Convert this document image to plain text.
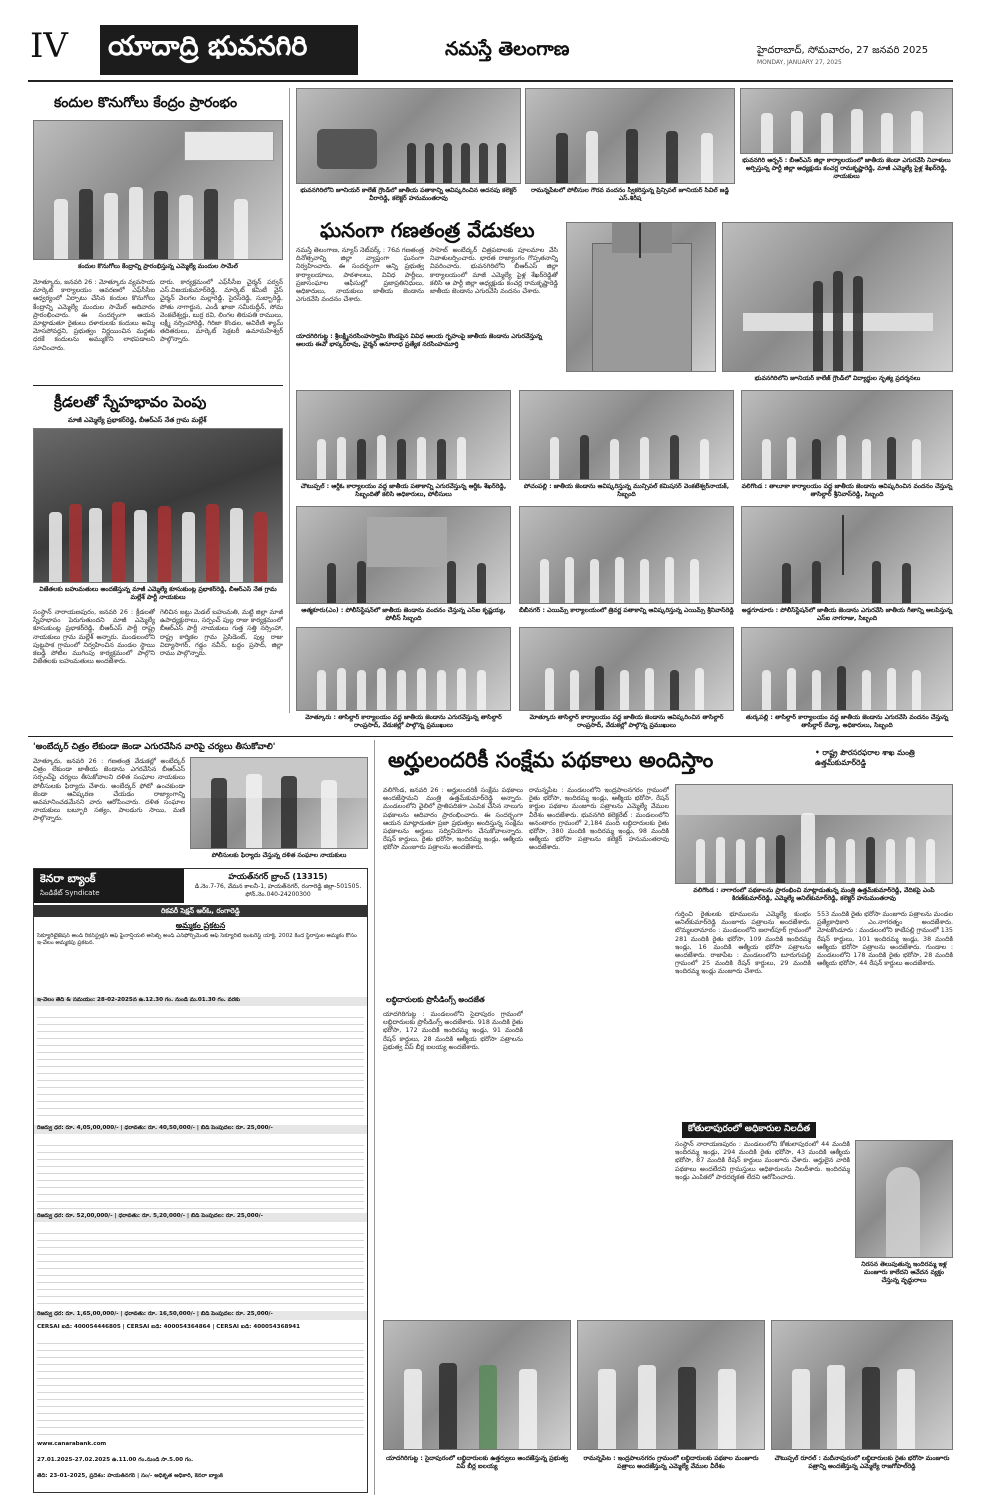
IV యాదాద్రి భువనగిరి	నమస్తే తెలంగాణ	హైదరాబాద్, సోమవారం, 27 జనవరి 2025
MONDAY, JANUARY 27, 2025
కందుల కొనుగోలు కేంద్రం ప్రారంభం
కందుల కొనుగోలు కేంద్రాన్ని ప్రారంభిస్తున్న ఎమ్మెల్యే మందుల సామేల్
మోత్కూరు, జనవరి 26 : మోత్కూరు వ్యవసాయ మార్కెట్ కార్యాలయం ఆవరణలో ఎఫ్‌సీసీఐ ఆధ్వర్యంలో ఏర్పాటు చేసిన కందుల కొనుగోలు కేంద్రాన్ని ఎమ్మెల్యే మందుల సామేల్ ఆదివారం ప్రారంభించారు. ఈ సందర్భంగా ఆయన మాట్లాడుతూ రైతులు దళారులకు కందులు అమ్మి మోసపోవద్దని, ప్రభుత్వం నిర్ణయించిన మద్దతు ధరకే కందులను అమ్ముకొని లాభపడాలని సూచించారు.
దారు. కార్యక్రమంలో ఎఫ్‌సీసీఐ చైర్మన్ పర్వన్ ఎస్.విజయకుమార్‌రెడ్డి, మార్కెట్ కమిటీ వైస్ చైర్మన్ వెలగల మల్లారెడ్డి, సైరస్‌రెడ్డి, సుబ్బారెడ్డి, పోతు నాగార్జున, ఎండీ ఖాజా సమీరుద్దీన్, సోమ వెంకటేశ్వర్లు, బుర్ర రవి, లింగల తిరుపతి రాములు, లక్ష్మీ నర్సింహారెడ్డి, గిరిజా కొండల, అవిరేణి శ్యామ్ తదితరులు, మార్కెట్ సెక్రటరీ ఉమామహేశ్వర్ పాల్గొన్నారు.
క్రీడలతో స్నేహభావం పెంపు
మాజీ ఎమ్మెల్యే ప్రభాకర్‌రెడ్డి, బీఆర్‌ఎస్ నేత గ్రామ మల్లేశ్
విజేతలకు బహుమతులు అందజేస్తున్న మాజీ ఎమ్మెల్యే కూసుకుంట్ల ప్రభాకర్‌రెడ్డి, బీఆర్‌ఎస్ నేత గ్రామ మల్లేశ్ పార్టీ నాయకులు
సంస్థాన్ నారాయణపురం, జనవరి 26 : క్రీడలతో స్నేహభావం పెరుగుతుందని మాజీ ఎమ్మెల్యే కూసుకుంట్ల ప్రభాకర్‌రెడ్డి, బీఆర్‌ఎస్ పార్టీ రాష్ట్ర నాయకులు గ్రామ మల్లేశ్ అన్నారు. మండలంలోని పుట్టపాక గ్రామంలో నిర్వహించిన మండల స్థాయి కబడ్డీ పోటీల ముగింపు కార్యక్రమంలో పాల్గొని విజేతలకు బహుమతులు అందజేశారు.
గెలిచిన జట్టు మెడల్ బహుమతి, మట్టి జిల్లా మాజీ ఉపాధ్యక్షురాలు, సర్పంచ్ పుల్ల రాజు కార్యక్రమంలో బీఆర్‌ఎస్ పార్టీ నాయకులు గుత్త సత్తి నర్సింహా, రాష్ట్ర కార్మికల గ్రామ ప్రెసిడెంట్, పుల్ల రాజు విద్యాసాగర్, గడ్డం నవీన్, బద్దం ప్రసాద్, జిల్లా రాము పాల్గొన్నారు.
భువనగిరిలోని జూనియర్ కాలేజ్ గ్రౌండ్‌లో జాతీయ పతాకాన్ని ఆవిష్కరించిన అదనపు కలెక్టర్ వీరారెడ్డి, కలెక్టర్ హనుమంతరావు
రామన్నపేటలో పోలీసుల గౌరవ వందనం స్వీకరిస్తున్న ప్రిన్సిపల్ జూనియర్ సివిల్ జడ్జి ఎస్.శిరీష
భువనగిరి అర్బన్ : బీఆర్‌ఎస్ జిల్లా కార్యాలయంలో జాతీయ జెండా ఎగురవేసి నివాళులు అర్పిస్తున్న పార్టీ జిల్లా అధ్యక్షుడు కంచర్ల రామకృష్ణారెడ్డి, మాజీ ఎమ్మెల్యే పైళ్ల శేఖర్‌రెడ్డి, నాయకులు
ఘనంగా గణతంత్ర వేడుకలు
నమస్తే తెలంగాణ, న్యూస్ నెట్‌వర్క్ : 76వ గణతంత్ర దినోత్సవాన్ని జిల్లా వ్యాప్తంగా ఘనంగా నిర్వహించారు. ఈ సందర్భంగా అన్ని ప్రభుత్వ కార్యాలయాలు, పాఠశాలలు, వివిధ పార్టీలు, ప్రజాసంఘాల ఆఫీసుల్లో ప్రజాప్రతినిధులు, అధికారులు, నాయకులు జాతీయ జెండాను ఎగురవేసి వందనం చేశారు.
సాహెబ్ అంబేద్కర్ చిత్రపటాలకు పూలమాల వేసి నివాళులర్పించారు. భారత రాజ్యాంగం గొప్పతనాన్ని వివరించారు. భువనగిరిలోని బీఆర్‌ఎస్ జిల్లా కార్యాలయంలో మాజీ ఎమ్మెల్యే పైళ్ల శేఖర్‌రెడ్డితో కలిసి ఆ పార్టీ జిల్లా అధ్యక్షుడు కంచర్ల రామకృష్ణారెడ్డి జాతీయ జెండాను ఎగురవేసి వందనం చేశారు.
యాదగిరిగుట్ట : శ్రీలక్ష్మీనరసింహస్వామి కొండపైన వివిధ ఆలయ గృహంపై జాతీయ జెండాను ఎగురవేస్తున్న ఆలయ ఈవో భాస్కర్‌రావు, చైర్మన్ అనూరాధ ప్రత్యేక నరసింహమూర్తి
భువనగిరిలోని జూనియర్ కాలేజ్ గ్రౌండ్‌లో విద్యార్థుల నృత్య ప్రదర్శనలు
చౌటుప్పల్ : ఆర్డీఓ కార్యాలయం వద్ద జాతీయ పతాకాన్ని ఎగురవేస్తున్న ఆర్డీఓ శేఖర్‌రెడ్డి, సిబ్బందితో కలిసి అధికారులు, పోలీసులు
పోచంపల్లి : జాతీయ జెండాను ఆవిష్కరిస్తున్న మున్సిపల్ కమిషనర్ వెంకటేశ్వర్‌నాయక్, సిబ్బంది
వలిగొండ : తాలూకా కార్యాలయం వద్ద జాతీయ జెండాను ఆవిష్కరించిన వందనం చేస్తున్న తాసిల్దార్ శ్రీనివాస్‌రెడ్డి, సిబ్బంది
ఆత్మకూరు(ఎం) : పోలీస్‌స్టేషన్‌లో జాతీయ జెండాను వందనం చేస్తున్న ఎస్‌ఐ కృష్ణయ్య, పోలీస్ సిబ్బంది
బీబీనగర్ : ఎయిమ్స్ కార్యాలయంలో త్రివర్ణ పతాకాన్ని ఆవిష్కరిస్తున్న ఎయిమ్స్ శ్రీనివాస్‌రెడ్డి అడ్డగూడూరు : పోలీస్‌స్టేషన్‌లో జాతీయ జెండాను ఎగురవేసి జాతీయ గీతాన్ని ఆలపిస్తున్న ఎస్ఐ నాగరాజు, సిబ్బంది
మోత్కూరు : తాసిల్దార్ కార్యాలయం వద్ద జాతీయ జెండాను ఎగురవేస్తున్న తాసిల్దార్ రాంప్రసాద్, వేడుకల్లో పాల్గొన్న ప్రముఖులు
మోత్కూరు తాసిల్దార్ కార్యాలయం వద్ద జాతీయ జెండాను ఆవిష్కరించిన తాసిల్దార్ రాంప్రసాద్, వేడుకల్లో పాల్గొన్న ప్రముఖులు
తుర్కపల్లి : తాసిల్దార్ కార్యాలయం వద్ద జాతీయ జెండాను ఎగురవేసి వందనం చేస్తున్న తాసిల్దార్ దేవ్యా, అధికారులు, సిబ్బంది
'అంబేద్కర్ చిత్రం లేకుండా జెండా ఎగురవేసిన వారిపై చర్యలు తీసుకోవాలి'
మోత్కూరు, జనవరి 26 : గణతంత్ర వేడుకల్లో అంబేద్కర్ చిత్రం లేకుండా జాతీయ జెండాను ఎగరవేసిన బీఆర్‌ఎస్ సర్పంచ్‌పై చర్యలు తీసుకోవాలని దళిత సంఘాల నాయకులు పోలీసులకు ఫిర్యాదు చేశారు. అంబేద్కర్ ఫోటో ఉంచకుండా జెండా ఆవిష్కరణ చేయడం రాజ్యాంగాన్ని అవమానించడమేనని వారు ఆరోపించారు. దళిత సంఘాల నాయకులు బబ్బూరి సత్యం, పాలడుగు సాయి, మణి పాల్గొన్నారు.
పోలీసులకు ఫిర్యాదు చేస్తున్న దళిత సంఘాల నాయకులు
కెనరా బ్యాంక్
సిండికేట్ Syndicate
హయత్‌నగర్ బ్రాంచ్ (13315)
డి.నెం.7-76, వేమన కాలనీ-1, హయత్‌నగర్, రంగారెడ్డి జిల్లా-501505. ఫోన్.నెం.040-24200300
రికవరీ సెక్షన్ ఆర్‌ఓ, రంగారెడ్డి
అమ్మకం ప్రకటన
సెక్యూరిటైజేషన్ అండ్ రీకన్‌స్ట్రక్షన్ ఆఫ్ ఫైనాన్షియల్ అసెట్స్ అండ్ ఎన్‌ఫోర్స్‌మెంట్ ఆఫ్ సెక్యూరిటీ ఇంటరెస్ట్ యాక్ట్, 2002 కింద స్థిరాస్తుల అమ్మకం కోసం ఇ-వేలం అమ్మకపు ప్రకటన.
ఇ-వేలం తేదీ & సమయం: 28-02-2025న ఉ.12.30 గం. నుండి మ.01.30 గం. వరకు
రిజర్వు ధర: రూ. 4,05,00,000/- | ధరావతు: రూ. 40,50,000/- | బిడ్ పెంపుదల: రూ. 25,000/-
రిజర్వు ధర: రూ. 52,00,000/- | ధరావతు: రూ. 5,20,000/- | బిడ్ పెంపుదల: రూ. 25,000/-
రిజర్వు ధర: రూ. 1,65,00,000/- | ధరావతు: రూ. 16,50,000/- | బిడ్ పెంపుదల: రూ. 25,000/-
CERSAI ఐడి: 400054446805 | CERSAI ఐడి: 400054364864 | CERSAI ఐడి: 400054368941
www.canarabank.com
27.01.2025-27.02.2025 ఉ.11.00 గం.నుండి సా.5.00 గం.
తేదీ: 23-01-2025, ప్రదేశం: హయత్‌నగర్ | సం/- అధీకృత అధికారి, కెనరా బ్యాంక్
అర్హులందరికీ సంక్షేమ పథకాలు అందిస్తాం	• రాష్ట్ర పౌరసరఫరాల శాఖ మంత్రి ఉత్తమ్‌కుమార్‌రెడ్డి
వలిగొండ, జనవరి 26 : అర్హులందరికీ సంక్షేమ పథకాలు అందజేస్తామని మంత్రి ఉత్తమ్‌కుమార్‌రెడ్డి అన్నారు. మండలంలోని వైలిలో ప్రాతిపదికగా ఎంపిక చేసిన నాలుగు పథకాలను ఆదివారం ప్రారంభించారు. ఈ సందర్భంగా ఆయన మాట్లాడుతూ ప్రజా ప్రభుత్వం అందిస్తున్న సంక్షేమ పథకాలను అర్హులు సద్వినియోగం చేసుకోవాలన్నారు. రేషన్ కార్డులు, రైతు భరోసా, ఇందిరమ్మ ఇండ్లు, ఆత్మీయ భరోసా మంజూరు పత్రాలను అందజేశారు.
లబ్ధిదారులకు ప్రొసీడింగ్స్ అందజేత
యాదగిరిగుట్ట : మండలంలోని సైదాపురం గ్రామంలో లబ్ధిదారులకు ప్రొసీడింగ్స్ అందజేశారు. 918 మందికి రైతు భరోసా, 172 మందికి ఇందిరమ్మ ఇండ్లు, 91 మందికి రేషన్ కార్డులు, 28 మందికి ఆత్మీయ భరోసా పత్రాలను ప్రభుత్వ విప్ బీర్ల ఐలయ్య అందజేశారు.
రామన్నపేట : మండలంలోని ఇంద్రపాలనగరం గ్రామంలో రైతు భరోసా, ఇందిరమ్మ ఇండ్లు, ఆత్మీయ భరోసా, రేషన్ కార్డుల పథకాల మంజూరు పత్రాలను ఎమ్మెల్యే వేముల వీరేశం అందజేశారు. భువనగిరి కలెక్టరేట్ : మండలంలోని అనంతారం గ్రామంలో 2,184 మంది లబ్ధిదారులకు రైతు భరోసా, 380 మందికి ఇందిరమ్మ ఇండ్లు, 98 మందికి ఆత్మీయ భరోసా పత్రాలను కలెక్టర్ హనుమంతరావు అందజేశారు.
వలిగొండ : నాగారంలో పథకాలను ప్రారంభించి మాట్లాడుతున్న మంత్రి ఉత్తమ్‌కుమార్‌రెడ్డి, వేదికపై ఎంపీ కిరణ్‌కుమార్‌రెడ్డి, ఎమ్మెల్యే అనిల్‌కుమార్‌రెడ్డి, కలెక్టర్ హనుమంతరావు
గుర్తించి రైతులకు భూములను ఎమ్మెల్యే కుంభం అనిల్‌కుమార్‌రెడ్డి మంజూరు పత్రాలను అందజేశారు. బొమ్మలరామారం : మండలంలోని జలాల్‌పూర్ గ్రామంలో 281 మందికి రైతు భరోసా, 109 మందికి ఇందిరమ్మ ఇండ్లు, 16 మందికి ఆత్మీయ భరోసా పత్రాలను అందజేశారు. రాజాపేట : మండలంలోని బూరుగుపల్లి గ్రామంలో 25 మందికి రేషన్ కార్డులు, 29 మందికి ఇందిరమ్మ ఇండ్లు మంజూరు చేశారు.
553 మందికి రైతు భరోసా మంజూరు పత్రాలను మండల ప్రత్యేకాధికారి ఎం.నాగరత్నం అందజేశారు. మోటకొండూరు : మండలంలోని కాటేపల్లి గ్రామంలో 135 రేషన్ కార్డులు, 101 ఇందిరమ్మ ఇండ్లు, 38 మందికి ఆత్మీయ భరోసా పత్రాలను అందజేశారు. గుండాల : మండలంలోని 178 మందికి రైతు భరోసా, 28 మందికి ఆత్మీయ భరోసా, 44 రేషన్ కార్డులు అందజేశారు.
కోతులాపురంలో అధికారుల నిలదీత
సంస్థాన్ నారాయణపురం : మండలంలోని కోతులాపురంలో 44 మందికి ఇందిరమ్మ ఇండ్లు, 294 మందికి రైతు భరోసా, 43 మందికి ఆత్మీయ భరోసా, 87 మందికి రేషన్ కార్డులు మంజూరు చేశారు. అర్హులైన వారికి పథకాలు అందలేదని గ్రామస్తులు అధికారులను నిలదీశారు. ఇందిరమ్మ ఇండ్లు ఎంపికలో పారదర్శకత లేదని ఆరోపించారు.
నిరసన తెలుపుతున్న ఇందిరమ్మ ఇళ్ల మంజూరు కాలేదని ఆవేదన వ్యక్తం చేస్తున్న వృద్ధురాలు
యాదగిరిగుట్ట : సైదాపురంలో లబ్ధిదారులకు ఉత్తర్వులు అందజేస్తున్న ప్రభుత్వ విప్ బీర్ల ఐలయ్య
రామన్నపేట : ఇంద్రపాలనగరం గ్రామంలో లబ్ధిదారులకు పథకాల మంజూరు పత్రాలు అందజేస్తున్న ఎమ్మెల్యే వేముల వీరేశం
చౌటుప్పల్ రూరల్ : మదీనాపురంలో లబ్ధిదారులకు రైతు భరోసా మంజూరు పత్రాన్ని అందజేస్తున్న ఎమ్మెల్యే రాజగోపాల్‌రెడ్డి
